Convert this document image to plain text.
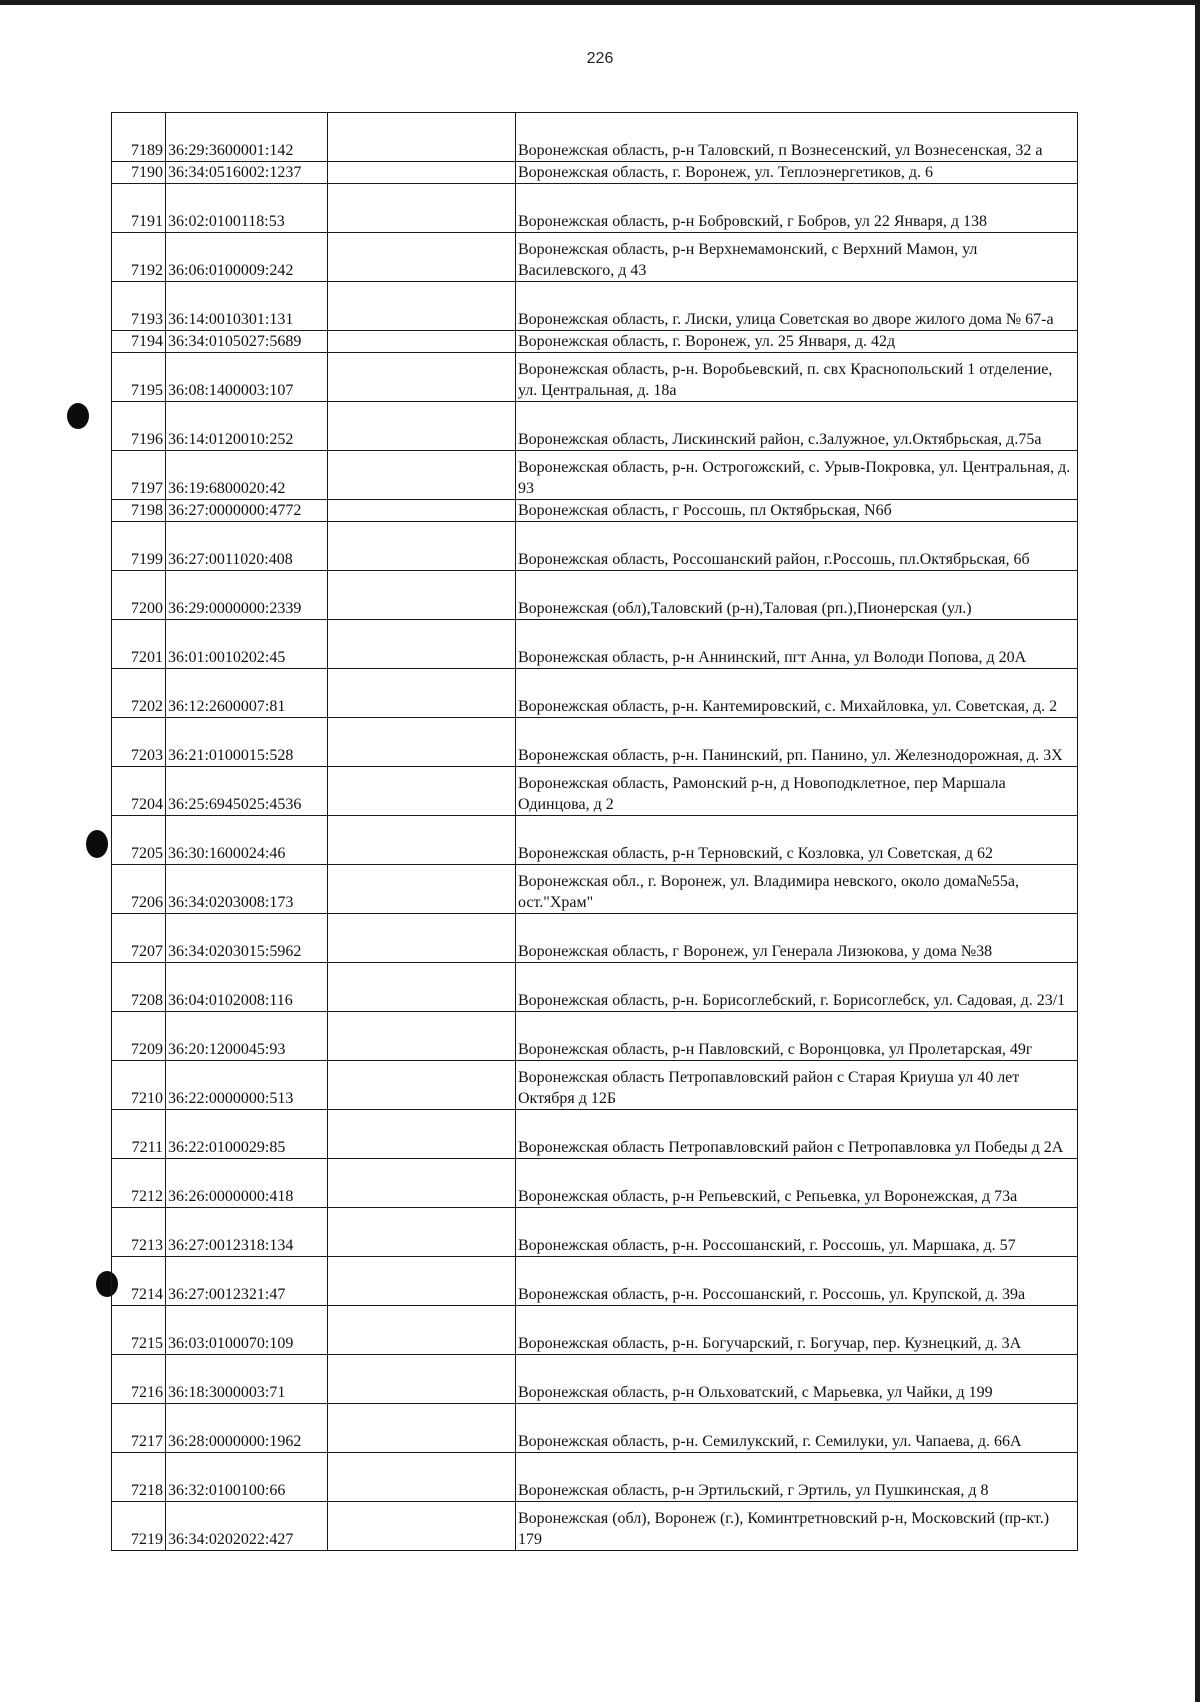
226
7189	36:29:3600001:142		Воронежская область, р-н Таловский, п Вознесенский, ул Вознесенская, 32 а
7190	36:34:0516002:1237		Воронежская область, г. Воронеж, ул. Теплоэнергетиков, д. 6
7191	36:02:0100118:53		Воронежская область, р-н Бобровский, г Бобров, ул 22 Января, д 138
7192	36:06:0100009:242		Воронежская область, р-н Верхнемамонский, с Верхний Мамон, ул Василевского, д 43
7193	36:14:0010301:131		Воронежская область, г. Лиски, улица Советская во дворе жилого дома № 67-а
7194	36:34:0105027:5689		Воронежская область, г. Воронеж, ул. 25 Января, д. 42д
7195	36:08:1400003:107		Воронежская область, р-н. Воробьевский, п. свх Краснопольский 1 отделение, ул. Центральная, д. 18а
7196	36:14:0120010:252		Воронежская область, Лискинский район, с.Залужное, ул.Октябрьская, д.75а
7197	36:19:6800020:42		Воронежская область, р-н. Острогожский, с. Урыв-Покровка, ул. Центральная, д. 93
7198	36:27:0000000:4772		Воронежская область, г Россошь, пл Октябрьская, N6б
7199	36:27:0011020:408		Воронежская область, Россошанский район, г.Россошь, пл.Октябрьская, 6б
7200	36:29:0000000:2339		Воронежская (обл),Таловский (р-н),Таловая (рп.),Пионерская (ул.)
7201	36:01:0010202:45		Воронежская область, р-н Аннинский, пгт Анна, ул Володи Попова, д 20А
7202	36:12:2600007:81		Воронежская область, р-н. Кантемировский, с. Михайловка, ул. Советская, д. 2
7203	36:21:0100015:528		Воронежская область, р-н. Панинский, рп. Панино, ул. Железнодорожная, д. 3Х
7204	36:25:6945025:4536		Воронежская область, Рамонский р-н, д Новоподклетное, пер Маршала Одинцова, д 2
7205	36:30:1600024:46		Воронежская область, р-н Терновский, с Козловка, ул Советская, д 62
7206	36:34:0203008:173		Воронежская обл., г. Воронеж, ул. Владимира невского, около дома№55а, ост."Храм"
7207	36:34:0203015:5962		Воронежская область, г Воронеж, ул Генерала Лизюкова, у дома №38
7208	36:04:0102008:116		Воронежская область, р-н. Борисоглебский, г. Борисоглебск, ул. Садовая, д. 23/1
7209	36:20:1200045:93		Воронежская область, р-н Павловский, с Воронцовка, ул Пролетарская, 49г
7210	36:22:0000000:513		Воронежская область Петропавловский район с Старая Криуша ул 40 лет Октября д 12Б
7211	36:22:0100029:85		Воронежская область Петропавловский район с Петропавловка ул Победы д 2А
7212	36:26:0000000:418		Воронежская область, р-н Репьевский, с Репьевка, ул Воронежская, д 73а
7213	36:27:0012318:134		Воронежская область, р-н. Россошанский, г. Россошь, ул. Маршака, д. 57
7214	36:27:0012321:47		Воронежская область, р-н. Россошанский, г. Россошь, ул. Крупской, д. 39а
7215	36:03:0100070:109		Воронежская область, р-н. Богучарский, г. Богучар, пер. Кузнецкий, д. 3А
7216	36:18:3000003:71		Воронежская область, р-н Ольховатский, с Марьевка, ул Чайки, д 199
7217	36:28:0000000:1962		Воронежская область, р-н. Семилукский, г. Семилуки, ул. Чапаева, д. 66А
7218	36:32:0100100:66		Воронежская область, р-н Эртильский, г Эртиль, ул Пушкинская, д 8
7219	36:34:0202022:427		Воронежская (обл), Воронеж (г.), Коминтретновский р-н, Московский (пр-кт.) 179
